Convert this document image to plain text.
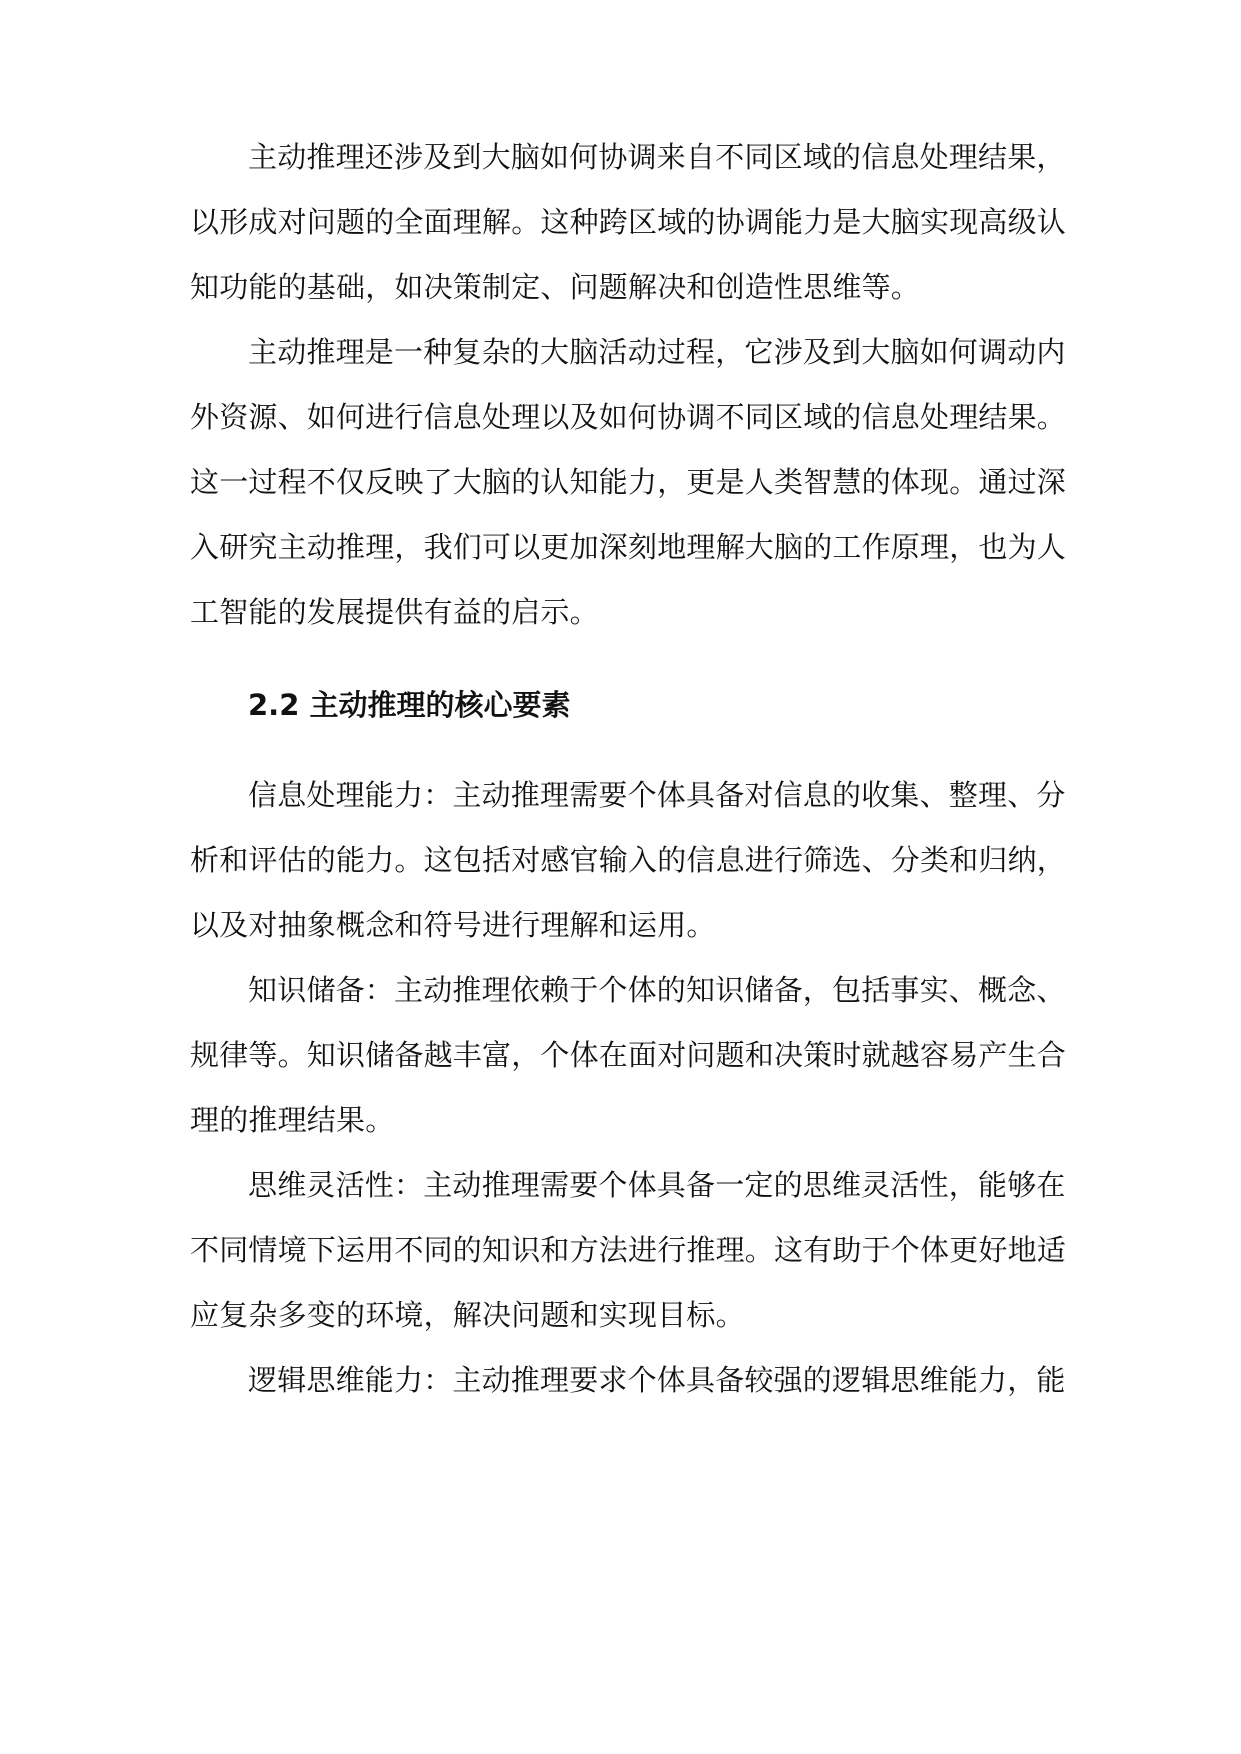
主动推理还涉及到大脑如何协调来自不同区域的信息处理结果，
以形成对问题的全面理解。这种跨区域的协调能力是大脑实现高级认
知功能的基础，如决策制定、问题解决和创造性思维等。
主动推理是一种复杂的大脑活动过程，它涉及到大脑如何调动内
外资源、如何进行信息处理以及如何协调不同区域的信息处理结果。
这一过程不仅反映了大脑的认知能力，更是人类智慧的体现。通过深
入研究主动推理，我们可以更加深刻地理解大脑的工作原理，也为人
工智能的发展提供有益的启示。
2.2 主动推理的核心要素
信息处理能力：主动推理需要个体具备对信息的收集、整理、分
析和评估的能力。这包括对感官输入的信息进行筛选、分类和归纳，
以及对抽象概念和符号进行理解和运用。
知识储备：主动推理依赖于个体的知识储备，包括事实、概念、
规律等。知识储备越丰富，个体在面对问题和决策时就越容易产生合
理的推理结果。
思维灵活性：主动推理需要个体具备一定的思维灵活性，能够在
不同情境下运用不同的知识和方法进行推理。这有助于个体更好地适
应复杂多变的环境，解决问题和实现目标。
逻辑思维能力：主动推理要求个体具备较强的逻辑思维能力，能
